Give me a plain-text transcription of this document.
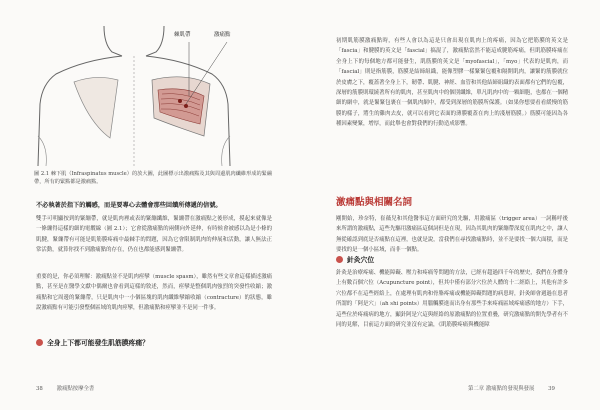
棘肌帶	激痛點
圖 2.1 棘下肌（Infraspinatus muscle）的放大圖，此圖標示出激痛點及其與周邊肌肉纖維形成的緊繃帶，所有的緊點都是激痛點。
不必執著於指下的觸感，而是要專心去體會那些回饋所傳遞的信號。
雙手可明顯按到的緊繃帶，就是肌肉裡或表的緊繃纖維，緊繃帶在激痛點之後形成，摸起來就像是一條繃得這樣的細的電纜線（圖 2.1）；它會從激痛點的兩側向外延伸，有時候會被感以為是小條的肌腱，緊繃帶有可能是肌筋膜疼痛中最棘手的問題，因為它會限制肌肉的伸展和活動，讓人無法正常活動，就算你找不到激痛點的存在，仍在也都能感到緊繃帶。
重要的是，你必須理解：激痛點並不是肌肉痙攣（muscle spasm），雖然有些文章會這樣描述激痛點，甚至是在醫學文獻中偶爾也會看到這樣的敘述，然而，痙攣是整個肌肉強烈的突發性收縮；激痛點和它周邊的緊繃帶，只是肌肉中一小個區塊的肌肉纖維攣縮收縮（contracture）的狀態，雖說激痛點有可能引發整個區域的肌肉痙攣，但激痛點和痙攣並不是同一件事。
全身上下都可能發生肌筋膜疼痛？
38	激痛點按摩全書
初期肌筋膜激痛點時，有些人會以為這是只會出現在肌肉上的疼痛，因為它把筋膜的英文是「fascia」和腱膜的英文是「fascial」搞混了，激痛點當然不能這成腱筋疼痛，但肌筋膜疼痛在全身上下的每個地方都可能發生，肌筋膜的英文是「myofascial」，「myo」代表的是肌肉，而「fascial」則是指筋膜，筋膜是結締組織，能像塑膠一樣緊緊包覆和隔開肌肉，讓緊的筋膜就位於皮膚之下，覆蓋著全身上下，韌帶、肌腱、神經、血管和其他結締組織的表面都有它們的包覆，深層的筋膜則環繞著所有的肌肉，甚至肌肉中的個別纖維，單凡肌肉中的一顆細胞，也都在一個精細的網中，就是緊緊包裹在一個肌肉網中，都受到深層的筋膜所保護。（如果你想要看看緩慢的筋膜的樣子，將生的雞肉去皮，就可以看到它表面的薄膜覆蓋在肉上的淺層筋膜。）筋膜可能因為各種因素變緊，增厚，而此舉也會對我們的行動造成影響。
激痛點與相關名詞
剛開始，珍奈特，崔薇兒和其他醫事這方面研究的先驅，用激痛區（trigger area）一詞稱呼後來所謂的激痛點，這些先驅用激痛區這個詞但是在現，因為其肌肉的緊繃帶深度在肌肉之中，讓人無從確認到底是否痛點在這裡，也就是說，當我們在尋找激痛點時，並不是要找一個大面積，而是要找的是一個小區域，而非一個點。
針灸穴位
針灸是治療疼痛、機能障礙、壓力和疼痛等問題的方法，已經有超過四千年的歷史，我們在身體身上有數百個穴位（Acupuncture point），但其中僅有部分穴位於人體的十二經絡上，其他有許多穴位都不在這些經絡上，在處理有肌肉和骨胳疼痛或機能障礙問題的病患時，針灸師會週過在患者所謂的「阿是穴」（ah shi points）用腦觸膜進而出身有那些手來疼痛區域疼痛感的地方）下手，這些位於疼痛病的地方，顯針阿是穴這與經絡的原激痛點的位置重疊，研究激痛點的開先學者有不同的見解，目前這方面的研究並沒有定論，《肌筋膜疼痛與機能障
第二章 激痛點的發現與發展	39
